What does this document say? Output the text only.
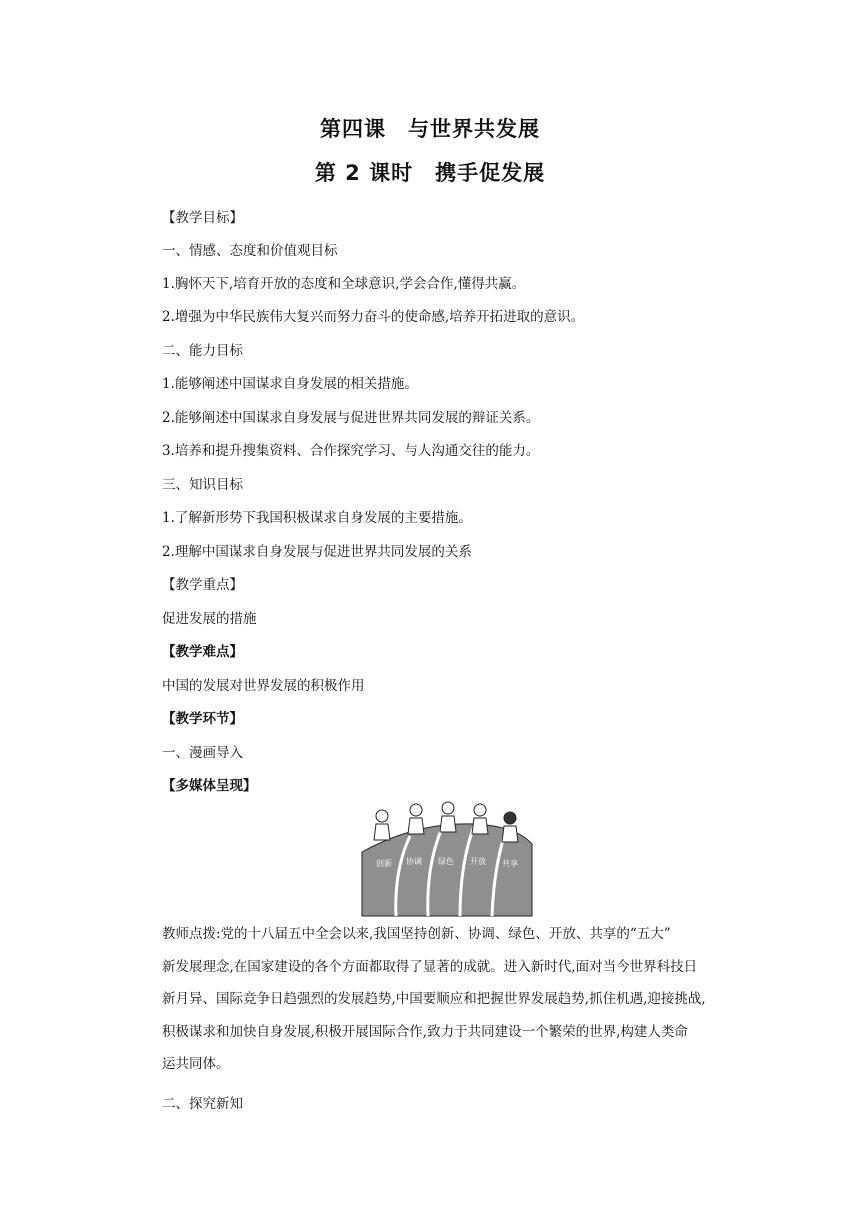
第四课　与世界共发展
第 2 课时　携手促发展
【教学目标】
一、情感、态度和价值观目标
1.胸怀天下,培育开放的态度和全球意识,学会合作,懂得共赢。
2.增强为中华民族伟大复兴而努力奋斗的使命感,培养开拓进取的意识。
二、能力目标
1.能够阐述中国谋求自身发展的相关措施。
2.能够阐述中国谋求自身发展与促进世界共同发展的辩证关系。
3.培养和提升搜集资料、合作探究学习、与人沟通交往的能力。
三、知识目标
1.了解新形势下我国积极谋求自身发展的主要措施。
2.理解中国谋求自身发展与促进世界共同发展的关系
【教学重点】
促进发展的措施
【教学难点】
中国的发展对世界发展的积极作用
【教学环节】
一、漫画导入
【多媒体呈现】
创新 协调 绿色 开放 共享
教师点拨:党的十八届五中全会以来,我国坚持创新、协调、绿色、开放、共享的“五大”
新发展理念,在国家建设的各个方面都取得了显著的成就。进入新时代,面对当今世界科技日
新月异、国际竞争日趋强烈的发展趋势,中国要顺应和把握世界发展趋势,抓住机遇,迎接挑战,
积极谋求和加快自身发展,积极开展国际合作,致力于共同建设一个繁荣的世界,构建人类命
运共同体。
二、探究新知
